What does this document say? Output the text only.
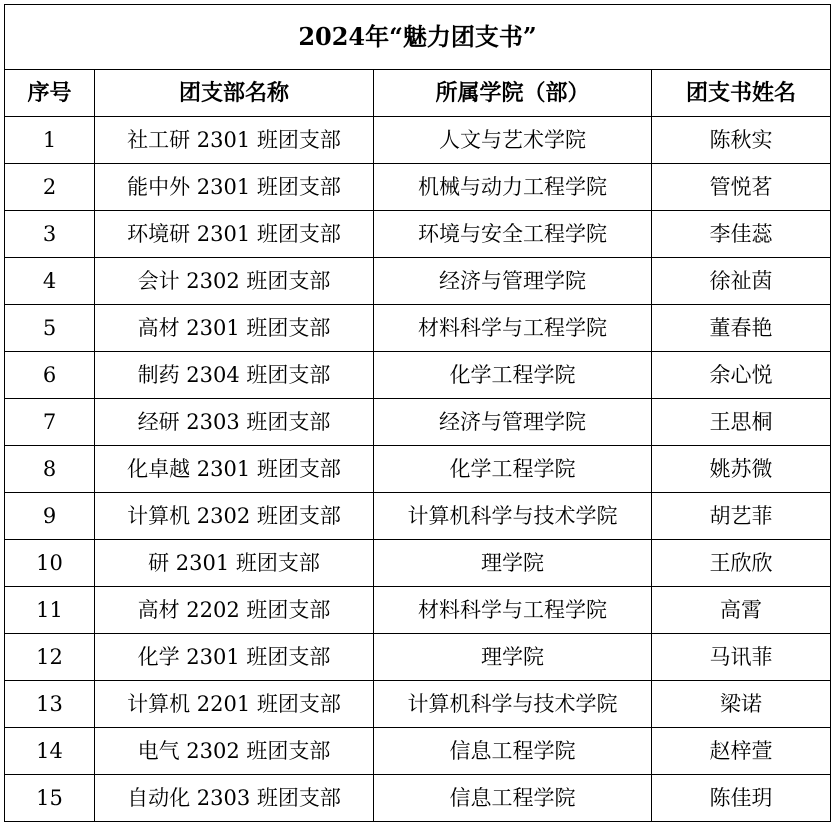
2024年“魅力团支书”			
序号	团支部名称	所属学院（部）	团支书姓名
1	社工研 2301 班团支部	人文与艺术学院	陈秋实
2	能中外 2301 班团支部	机械与动力工程学院	管悦茗
3	环境研 2301 班团支部	环境与安全工程学院	李佳蕊
4	会计 2302 班团支部	经济与管理学院	徐祉茵
5	高材 2301 班团支部	材料科学与工程学院	董春艳
6	制药 2304 班团支部	化学工程学院	余心悦
7	经研 2303 班团支部	经济与管理学院	王思桐
8	化卓越 2301 班团支部	化学工程学院	姚苏微
9	计算机 2302 班团支部	计算机科学与技术学院	胡艺菲
10	研 2301 班团支部	理学院	王欣欣
11	高材 2202 班团支部	材料科学与工程学院	高霄
12	化学 2301 班团支部	理学院	马讯菲
13	计算机 2201 班团支部	计算机科学与技术学院	梁诺
14	电气 2302 班团支部	信息工程学院	赵梓萱
15	自动化 2303 班团支部	信息工程学院	陈佳玥
